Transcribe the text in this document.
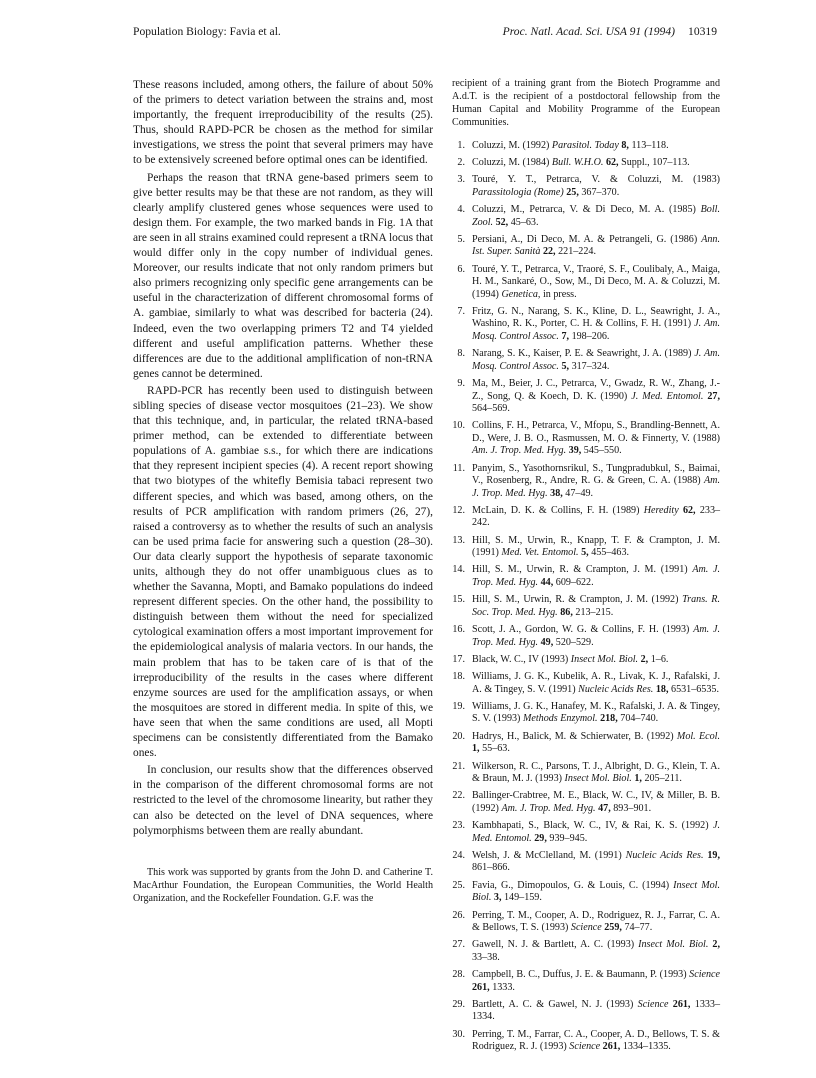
Population Biology: Favia et al.	Proc. Natl. Acad. Sci. USA 91 (1994) 10319

These reasons included, among others, the failure of about 50% of the primers to detect variation between the strains and, most importantly, the frequent irreproducibility of the results (25). Thus, should RAPD-PCR be chosen as the method for similar investigations, we stress the point that several primers may have to be extensively screened before optimal ones can be identified.

Perhaps the reason that tRNA gene-based primers seem to give better results may be that these are not random, as they will clearly amplify clustered genes whose sequences were used to design them. For example, the two marked bands in Fig. 1A that are seen in all strains examined could represent a tRNA locus that would differ only in the copy number of individual genes. Moreover, our results indicate that not only random primers but also primers recognizing only specific gene arrangements can be useful in the characterization of different chromosomal forms of A. gambiae, similarly to what was described for bacteria (24). Indeed, even the two overlapping primers T2 and T4 yielded different and useful amplification patterns. Whether these differences are due to the additional amplification of non-tRNA genes cannot be determined.

RAPD-PCR has recently been used to distinguish between sibling species of disease vector mosquitoes (21–23). We show that this technique, and, in particular, the related tRNA-based primer method, can be extended to differentiate between populations of A. gambiae s.s., for which there are indications that they represent incipient species (4). A recent report showing that two biotypes of the whitefly Bemisia tabaci represent two different species, and which was based, among others, on the results of PCR amplification with random primers (26, 27), raised a controversy as to whether the results of such an analysis can be used prima facie for answering such a question (28–30). Our data clearly support the hypothesis of separate taxonomic units, although they do not offer unambiguous clues as to whether the Savanna, Mopti, and Bamako populations do indeed represent different species. On the other hand, the possibility to distinguish between them without the need for specialized cytological examination offers a most important improvement for the epidemiological analysis of malaria vectors. In our hands, the main problem that has to be taken care of is that of the irreproducibility of the results in the cases where different enzyme sources are used for the amplification assays, or when the mosquitoes are stored in different media. In spite of this, we have seen that when the same conditions are used, all Mopti specimens can be consistently differentiated from the Bamako ones.

In conclusion, our results show that the differences observed in the comparison of the different chromosomal forms are not restricted to the level of the chromosome linearity, but rather they can also be detected on the level of DNA sequences, where polymorphisms between them are really abundant.

This work was supported by grants from the John D. and Catherine T. MacArthur Foundation, the European Communities, the World Health Organization, and the Rockefeller Foundation. G.F. was the

recipient of a training grant from the Biotech Programme and A.d.T. is the recipient of a postdoctoral fellowship from the Human Capital and Mobility Programme of the European Communities.

1. Coluzzi, M. (1992) Parasitol. Today 8, 113–118.
2. Coluzzi, M. (1984) Bull. W.H.O. 62, Suppl., 107–113.
3. Touré, Y. T., Petrarca, V. & Coluzzi, M. (1983) Parassitologia (Rome) 25, 367–370.
4. Coluzzi, M., Petrarca, V. & Di Deco, M. A. (1985) Boll. Zool. 52, 45–63.
5. Persiani, A., Di Deco, M. A. & Petrangeli, G. (1986) Ann. Ist. Super. Sanità 22, 221–224.
6. Touré, Y. T., Petrarca, V., Traoré, S. F., Coulibaly, A., Maiga, H. M., Sankaré, O., Sow, M., Di Deco, M. A. & Coluzzi, M. (1994) Genetica, in press.
7. Fritz, G. N., Narang, S. K., Kline, D. L., Seawright, J. A., Washino, R. K., Porter, C. H. & Collins, F. H. (1991) J. Am. Mosq. Control Assoc. 7, 198–206.
8. Narang, S. K., Kaiser, P. E. & Seawright, J. A. (1989) J. Am. Mosq. Control Assoc. 5, 317–324.
9. Ma, M., Beier, J. C., Petrarca, V., Gwadz, R. W., Zhang, J.-Z., Song, Q. & Koech, D. K. (1990) J. Med. Entomol. 27, 564–569.
10. Collins, F. H., Petrarca, V., Mfopu, S., Brandling-Bennett, A. D., Were, J. B. O., Rasmussen, M. O. & Finnerty, V. (1988) Am. J. Trop. Med. Hyg. 39, 545–550.
11. Panyim, S., Yasothornsrikul, S., Tungpradubkul, S., Baimai, V., Rosenberg, R., Andre, R. G. & Green, C. A. (1988) Am. J. Trop. Med. Hyg. 38, 47–49.
12. McLain, D. K. & Collins, F. H. (1989) Heredity 62, 233–242.
13. Hill, S. M., Urwin, R., Knapp, T. F. & Crampton, J. M. (1991) Med. Vet. Entomol. 5, 455–463.
14. Hill, S. M., Urwin, R. & Crampton, J. M. (1991) Am. J. Trop. Med. Hyg. 44, 609–622.
15. Hill, S. M., Urwin, R. & Crampton, J. M. (1992) Trans. R. Soc. Trop. Med. Hyg. 86, 213–215.
16. Scott, J. A., Gordon, W. G. & Collins, F. H. (1993) Am. J. Trop. Med. Hyg. 49, 520–529.
17. Black, W. C., IV (1993) Insect Mol. Biol. 2, 1–6.
18. Williams, J. G. K., Kubelik, A. R., Livak, K. J., Rafalski, J. A. & Tingey, S. V. (1991) Nucleic Acids Res. 18, 6531–6535.
19. Williams, J. G. K., Hanafey, M. K., Rafalski, J. A. & Tingey, S. V. (1993) Methods Enzymol. 218, 704–740.
20. Hadrys, H., Balick, M. & Schierwater, B. (1992) Mol. Ecol. 1, 55–63.
21. Wilkerson, R. C., Parsons, T. J., Albright, D. G., Klein, T. A. & Braun, M. J. (1993) Insect Mol. Biol. 1, 205–211.
22. Ballinger-Crabtree, M. E., Black, W. C., IV, & Miller, B. B. (1992) Am. J. Trop. Med. Hyg. 47, 893–901.
23. Kambhapati, S., Black, W. C., IV, & Rai, K. S. (1992) J. Med. Entomol. 29, 939–945.
24. Welsh, J. & McClelland, M. (1991) Nucleic Acids Res. 19, 861–866.
25. Favia, G., Dimopoulos, G. & Louis, C. (1994) Insect Mol. Biol. 3, 149–159.
26. Perring, T. M., Cooper, A. D., Rodriguez, R. J., Farrar, C. A. & Bellows, T. S. (1993) Science 259, 74–77.
27. Gawell, N. J. & Bartlett, A. C. (1993) Insect Mol. Biol. 2, 33–38.
28. Campbell, B. C., Duffus, J. E. & Baumann, P. (1993) Science 261, 1333.
29. Bartlett, A. C. & Gawel, N. J. (1993) Science 261, 1333–1334.
30. Perring, T. M., Farrar, C. A., Cooper, A. D., Bellows, T. S. & Rodriguez, R. J. (1993) Science 261, 1334–1335.
